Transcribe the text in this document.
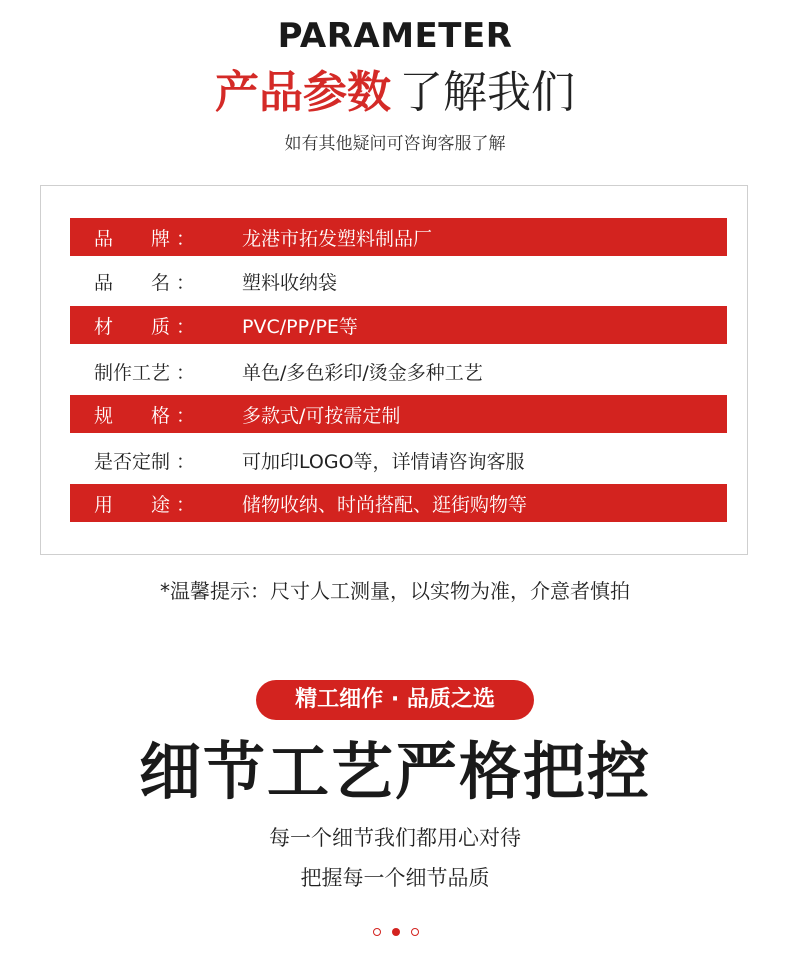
PARAMETER
产品参数 了解我们
如有其他疑问可咨询客服了解
品　　牌 ： 龙港市拓发塑料制品厂
品　　名 ： 塑料收纳袋
材　　质 ： PVC/PP/PE等
制作工艺 ： 单色/多色彩印/烫金多种工艺
规　　格 ： 多款式/可按需定制
是否定制 ： 可加印LOGO等，详情请咨询客服
用　　途 ： 储物收纳、时尚搭配、逛街购物等
*温馨提示：尺寸人工测量，以实物为准，介意者慎拍
精工细作 · 品质之选
细节工艺严格把控
每一个细节我们都用心对待
把握每一个细节品质
